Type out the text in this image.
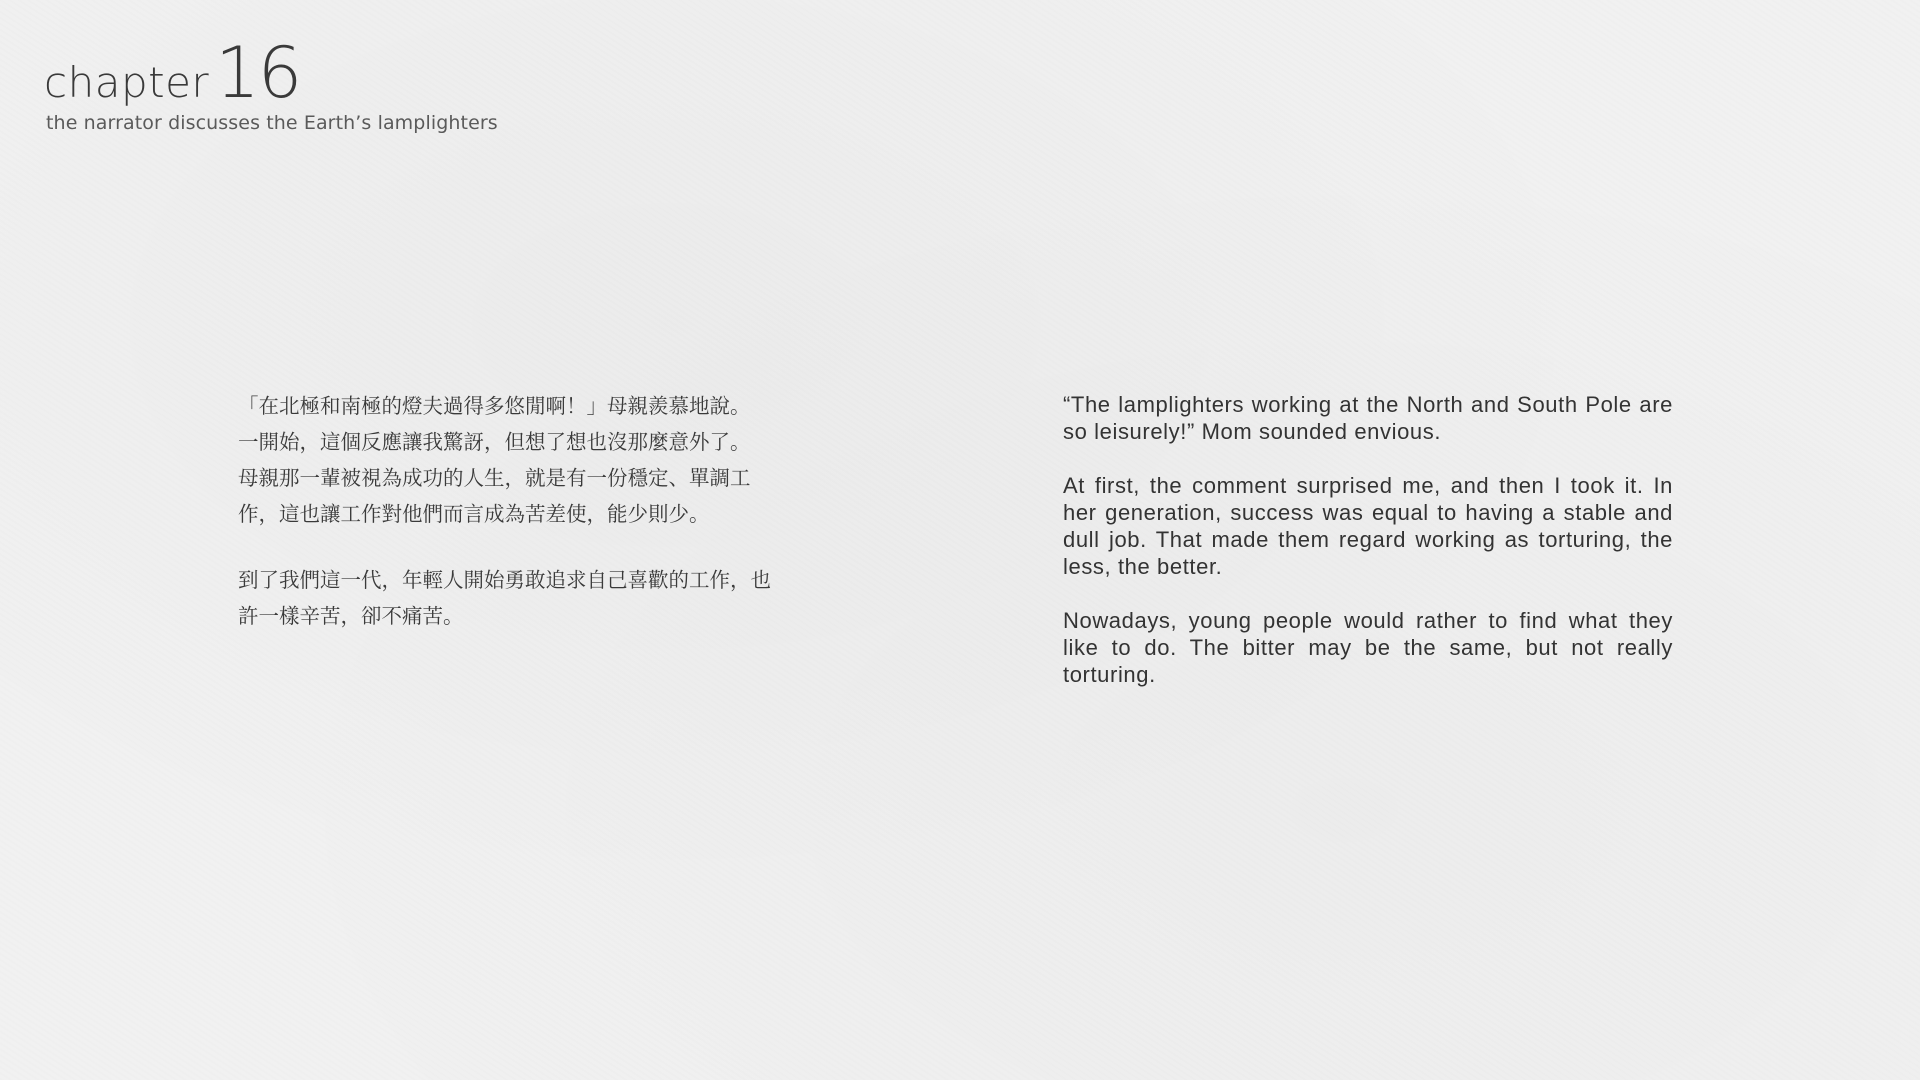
chapter 16
the narrator discusses the Earth’s lamplighters

「在北極和南極的燈夫過得多悠閒啊！」母親羨慕地說。
一開始，這個反應讓我驚訝，但想了想也沒那麼意外了。
母親那一輩被視為成功的人生，就是有一份穩定、單調工
作，這也讓工作對他們而言成為苦差使，能少則少。

到了我們這一代，年輕人開始勇敢追求自己喜歡的工作，也
許一樣辛苦，卻不痛苦。

“The lamplighters working at the North and South Pole are so leisurely!” Mom sounded envious.

At first, the comment surprised me, and then I took it. In her generation, success was equal to having a stable and dull job. That made them regard working as torturing, the less, the better.

Nowadays, young people would rather to find what they like to do. The bitter may be the same, but not really torturing.
